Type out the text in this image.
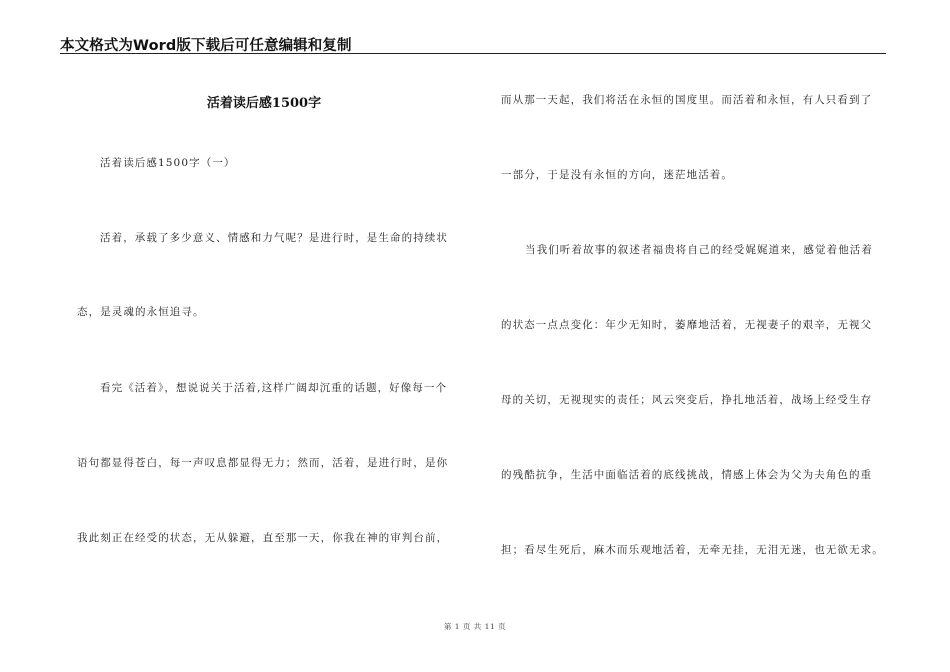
本文格式为Word版下载后可任意编辑和复制
活着读后感1500字
活着读后感1500字（一）
活着，承载了多少意义、情感和力气呢？是进行时，是生命的持续状
态，是灵魂的永恒追寻。
看完《活着》，想说说关于活着,这样广阔却沉重的话题，好像每一个
语句都显得苍白，每一声叹息都显得无力；然而，活着，是进行时，是你
我此刻正在经受的状态，无从躲避，直至那一天，你我在神的审判台前，
而从那一天起，我们将活在永恒的国度里。而活着和永恒，有人只看到了
一部分，于是没有永恒的方向，迷茫地活着。
当我们听着故事的叙述者福贵将自己的经受娓娓道来，感觉着他活着
的状态一点点变化：年少无知时，萎靡地活着，无视妻子的艰辛，无视父
母的关切，无视现实的责任；风云突变后，挣扎地活着，战场上经受生存
的残酷抗争，生活中面临活着的底线挑战，情感上体会为父为夫角色的重
担；看尽生死后，麻木而乐观地活着，无牵无挂，无泪无迷，也无欲无求。
第 1 页 共 11 页
